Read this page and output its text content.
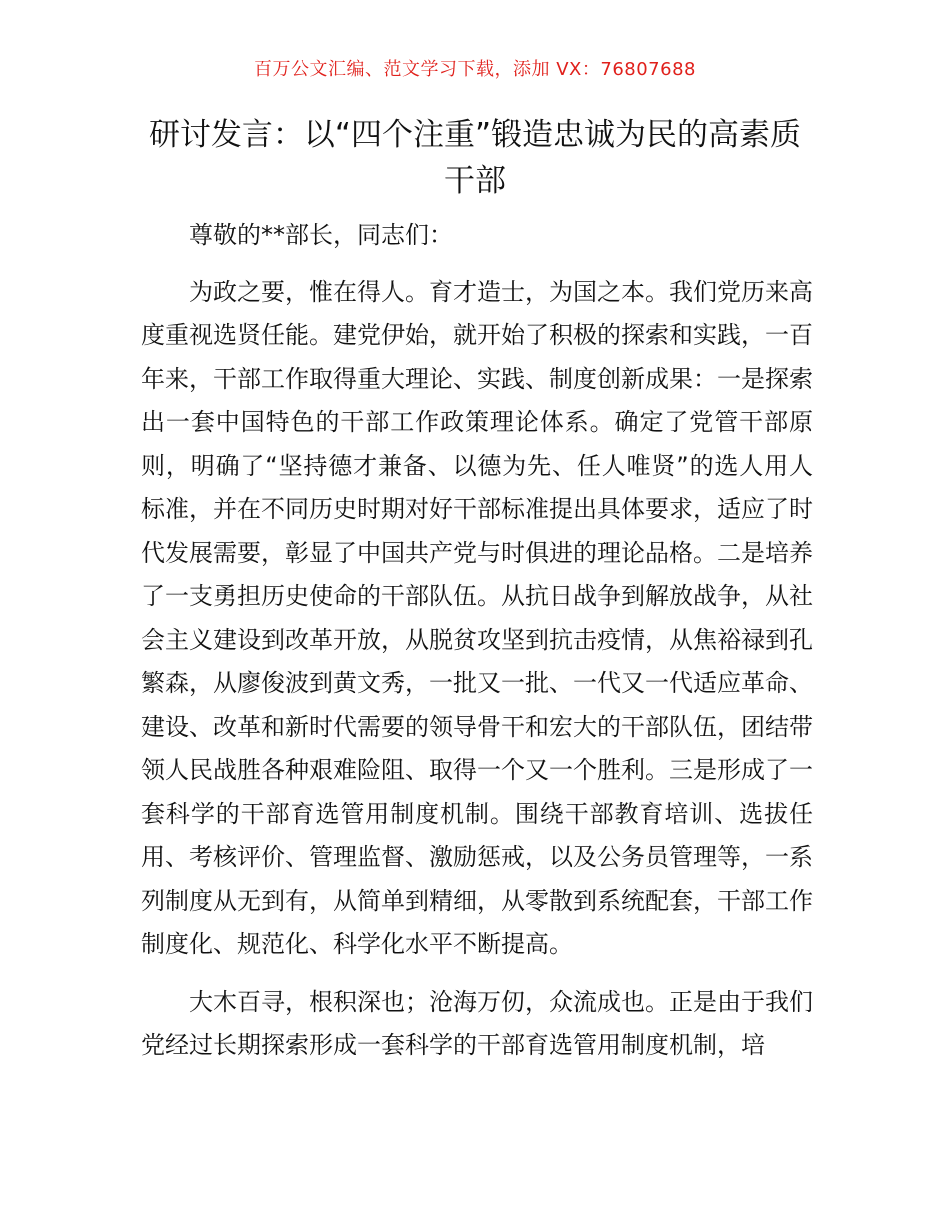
百万公文汇编、范文学习下载，添加 VX：76807688
研讨发言：以“四个注重”锻造忠诚为民的高素质干部

尊敬的**部长，同志们：

为政之要，惟在得人。育才造士，为国之本。我们党历来高度重视选贤任能。建党伊始，就开始了积极的探索和实践，一百年来，干部工作取得重大理论、实践、制度创新成果：一是探索出一套中国特色的干部工作政策理论体系。确定了党管干部原则，明确了“坚持德才兼备、以德为先、任人唯贤”的选人用人标准，并在不同历史时期对好干部标准提出具体要求，适应了时代发展需要，彰显了中国共产党与时俱进的理论品格。二是培养了一支勇担历史使命的干部队伍。从抗日战争到解放战争，从社会主义建设到改革开放，从脱贫攻坚到抗击疫情，从焦裕禄到孔繁森，从廖俊波到黄文秀，一批又一批、一代又一代适应革命、建设、改革和新时代需要的领导骨干和宏大的干部队伍，团结带领人民战胜各种艰难险阻、取得一个又一个胜利。三是形成了一套科学的干部育选管用制度机制。围绕干部教育培训、选拔任用、考核评价、管理监督、激励惩戒，以及公务员管理等，一系列制度从无到有，从简单到精细，从零散到系统配套，干部工作制度化、规范化、科学化水平不断提高。

大木百寻，根积深也；沧海万仞，众流成也。正是由于我们党经过长期探索形成一套科学的干部育选管用制度机制，培
